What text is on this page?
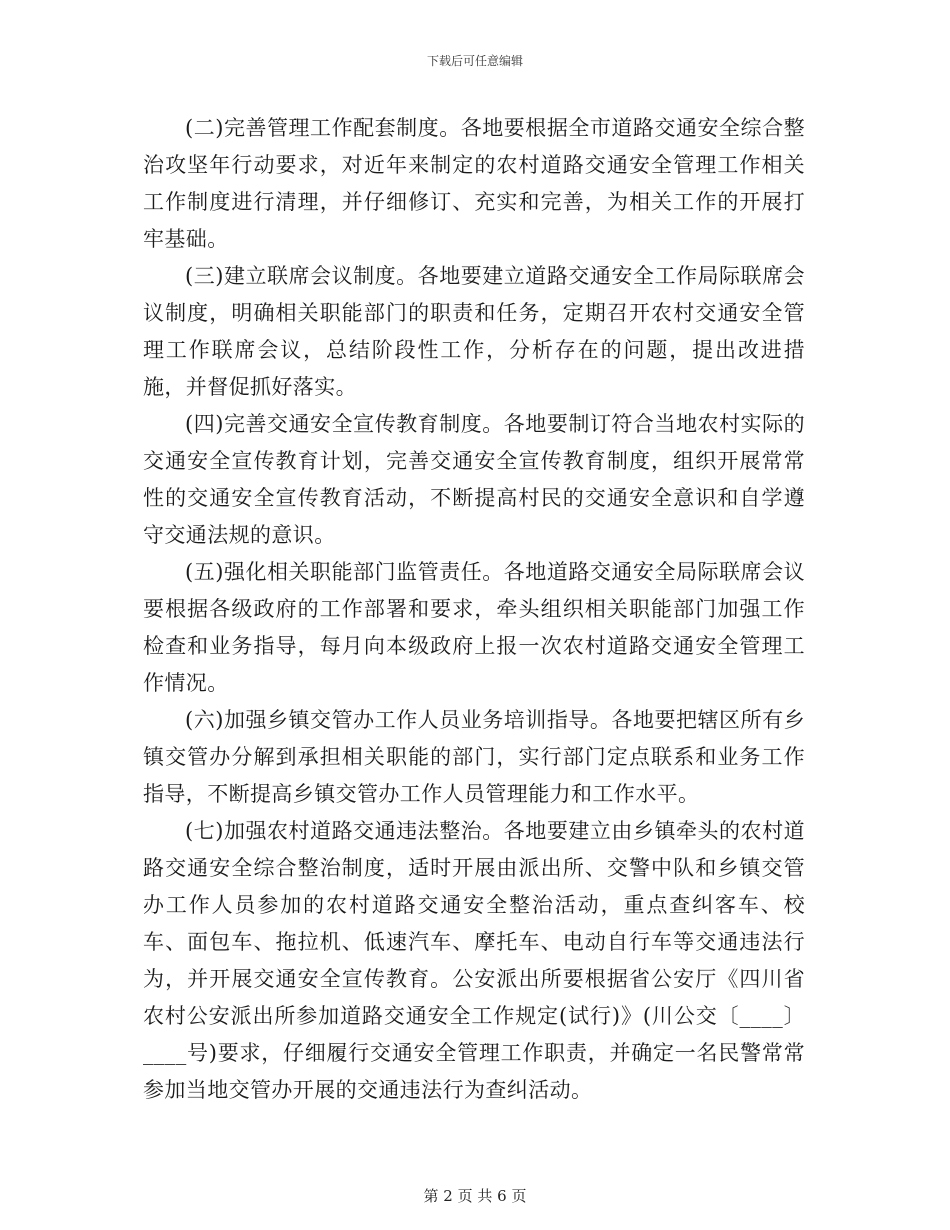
下载后可任意编辑

(二)完善管理工作配套制度。各地要根据全市道路交通安全综合整治攻坚年行动要求，对近年来制定的农村道路交通安全管理工作相关工作制度进行清理，并仔细修订、充实和完善，为相关工作的开展打牢基础。

(三)建立联席会议制度。各地要建立道路交通安全工作局际联席会议制度，明确相关职能部门的职责和任务，定期召开农村交通安全管理工作联席会议，总结阶段性工作，分析存在的问题，提出改进措施，并督促抓好落实。

(四)完善交通安全宣传教育制度。各地要制订符合当地农村实际的交通安全宣传教育计划，完善交通安全宣传教育制度，组织开展常常性的交通安全宣传教育活动，不断提高村民的交通安全意识和自学遵守交通法规的意识。

(五)强化相关职能部门监管责任。各地道路交通安全局际联席会议要根据各级政府的工作部署和要求，牵头组织相关职能部门加强工作检查和业务指导，每月向本级政府上报一次农村道路交通安全管理工作情况。

(六)加强乡镇交管办工作人员业务培训指导。各地要把辖区所有乡镇交管办分解到承担相关职能的部门，实行部门定点联系和业务工作指导，不断提高乡镇交管办工作人员管理能力和工作水平。

(七)加强农村道路交通违法整治。各地要建立由乡镇牵头的农村道路交通安全综合整治制度，适时开展由派出所、交警中队和乡镇交管办工作人员参加的农村道路交通安全整治活动，重点查纠客车、校车、面包车、拖拉机、低速汽车、摩托车、电动自行车等交通违法行为，并开展交通安全宣传教育。公安派出所要根据省公安厅《四川省农村公安派出所参加道路交通安全工作规定(试行)》(川公交〔____〕____号)要求，仔细履行交通安全管理工作职责，并确定一名民警常常参加当地交管办开展的交通违法行为查纠活动。

第 2 页 共 6 页
